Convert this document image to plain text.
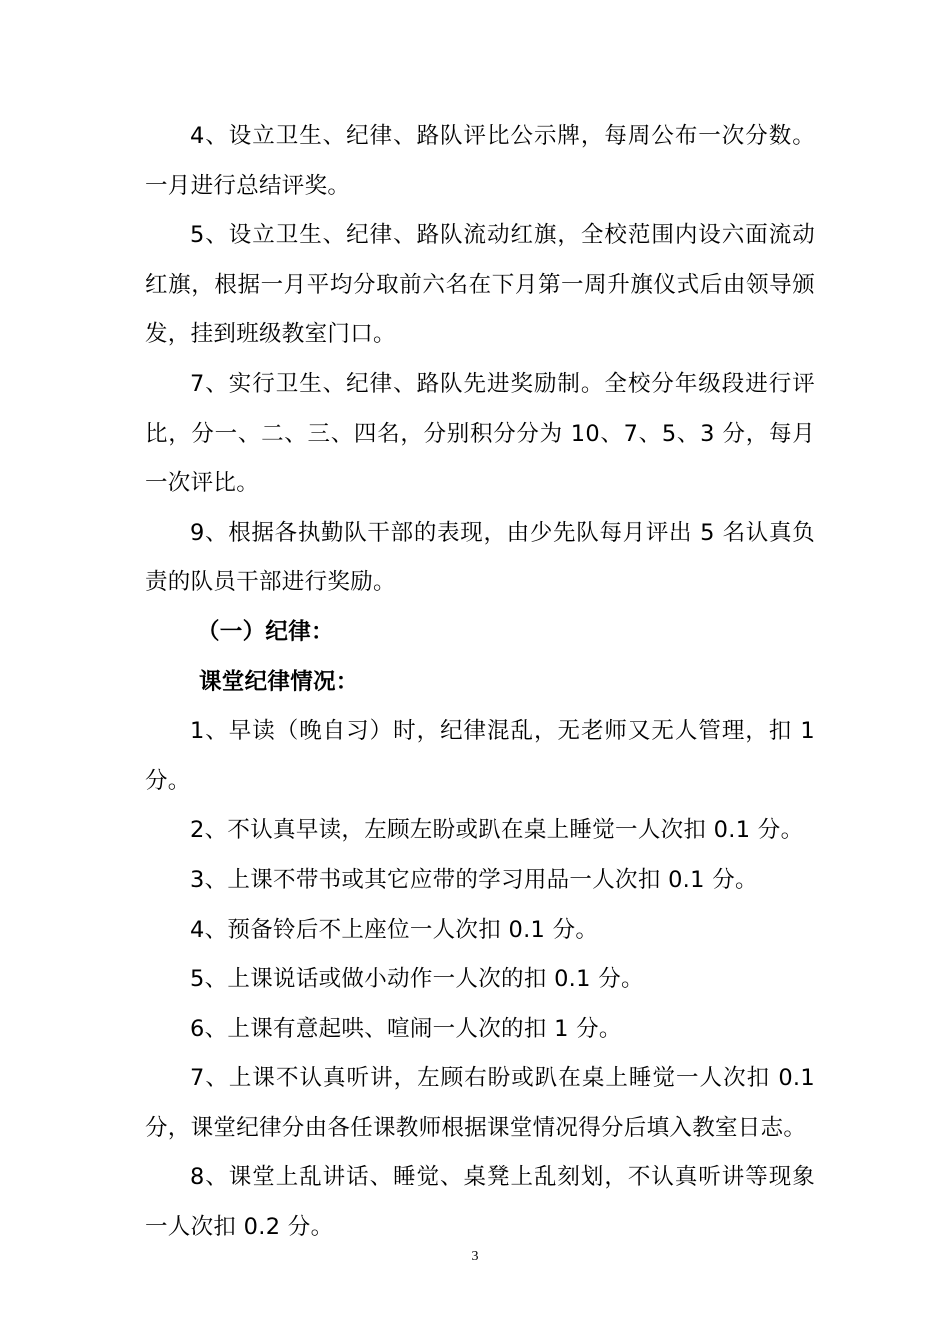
4、设立卫生、纪律、路队评比公示牌，每周公布一次分数。一月进行总结评奖。

5、设立卫生、纪律、路队流动红旗，全校范围内设六面流动红旗，根据一月平均分取前六名在下月第一周升旗仪式后由领导颁发，挂到班级教室门口。

7、实行卫生、纪律、路队先进奖励制。全校分年级段进行评比，分一、二、三、四名，分别积分分为 10、7、5、3 分，每月一次评比。

9、根据各执勤队干部的表现，由少先队每月评出 5 名认真负责的队员干部进行奖励。

（一）纪律：

课堂纪律情况：

1、早读（晚自习）时，纪律混乱，无老师又无人管理，扣 1 分。

2、不认真早读，左顾左盼或趴在桌上睡觉一人次扣 0.1 分。

3、上课不带书或其它应带的学习用品一人次扣 0.1 分。

4、预备铃后不上座位一人次扣 0.1 分。

5、上课说话或做小动作一人次的扣 0.1 分。

6、上课有意起哄、喧闹一人次的扣 1 分。

7、上课不认真听讲，左顾右盼或趴在桌上睡觉一人次扣 0.1 分，课堂纪律分由各任课教师根据课堂情况得分后填入教室日志。

8、课堂上乱讲话、睡觉、桌凳上乱刻划，不认真听讲等现象一人次扣 0.2 分。

3
